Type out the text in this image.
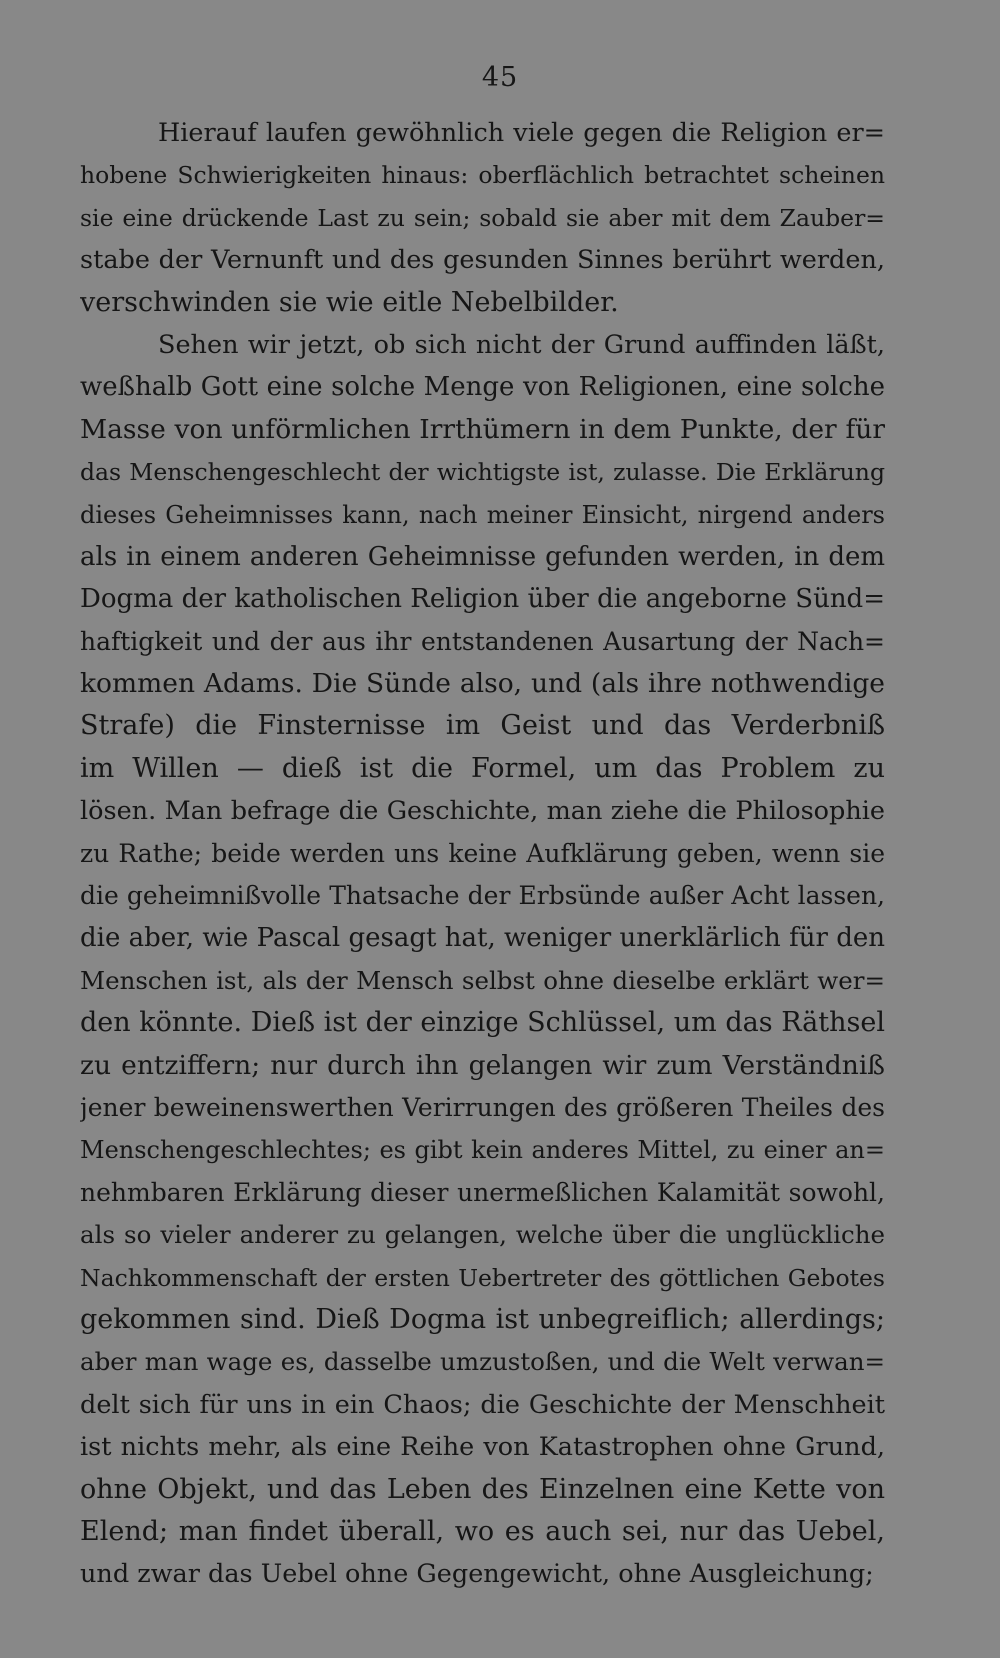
45
Hierauf laufen gewöhnlich viele gegen die Religion er=
hobene Schwierigkeiten hinaus: oberflächlich betrachtet scheinen
sie eine drückende Last zu sein; sobald sie aber mit dem Zauber=
stabe der Vernunft und des gesunden Sinnes berührt werden,
verschwinden sie wie eitle Nebelbilder.
Sehen wir jetzt, ob sich nicht der Grund auffinden läßt,
weßhalb Gott eine solche Menge von Religionen, eine solche
Masse von unförmlichen Irrthümern in dem Punkte, der für
das Menschengeschlecht der wichtigste ist, zulasse. Die Erklärung
dieses Geheimnisses kann, nach meiner Einsicht, nirgend anders
als in einem anderen Geheimnisse gefunden werden, in dem
Dogma der katholischen Religion über die angeborne Sünd=
haftigkeit und der aus ihr entstandenen Ausartung der Nach=
kommen Adams. Die Sünde also, und (als ihre nothwendige
Strafe) die Finsternisse im Geist und das Verderbniß
im Willen — dieß ist die Formel, um das Problem zu
lösen. Man befrage die Geschichte, man ziehe die Philosophie
zu Rathe; beide werden uns keine Aufklärung geben, wenn sie
die geheimnißvolle Thatsache der Erbsünde außer Acht lassen,
die aber, wie Pascal gesagt hat, weniger unerklärlich für den
Menschen ist, als der Mensch selbst ohne dieselbe erklärt wer=
den könnte. Dieß ist der einzige Schlüssel, um das Räthsel
zu entziffern; nur durch ihn gelangen wir zum Verständniß
jener beweinenswerthen Verirrungen des größeren Theiles des
Menschengeschlechtes; es gibt kein anderes Mittel, zu einer an=
nehmbaren Erklärung dieser unermeßlichen Kalamität sowohl,
als so vieler anderer zu gelangen, welche über die unglückliche
Nachkommenschaft der ersten Uebertreter des göttlichen Gebotes
gekommen sind. Dieß Dogma ist unbegreiflich; allerdings;
aber man wage es, dasselbe umzustoßen, und die Welt verwan=
delt sich für uns in ein Chaos; die Geschichte der Menschheit
ist nichts mehr, als eine Reihe von Katastrophen ohne Grund,
ohne Objekt, und das Leben des Einzelnen eine Kette von
Elend; man findet überall, wo es auch sei, nur das Uebel,
und zwar das Uebel ohne Gegengewicht, ohne Ausgleichung;
